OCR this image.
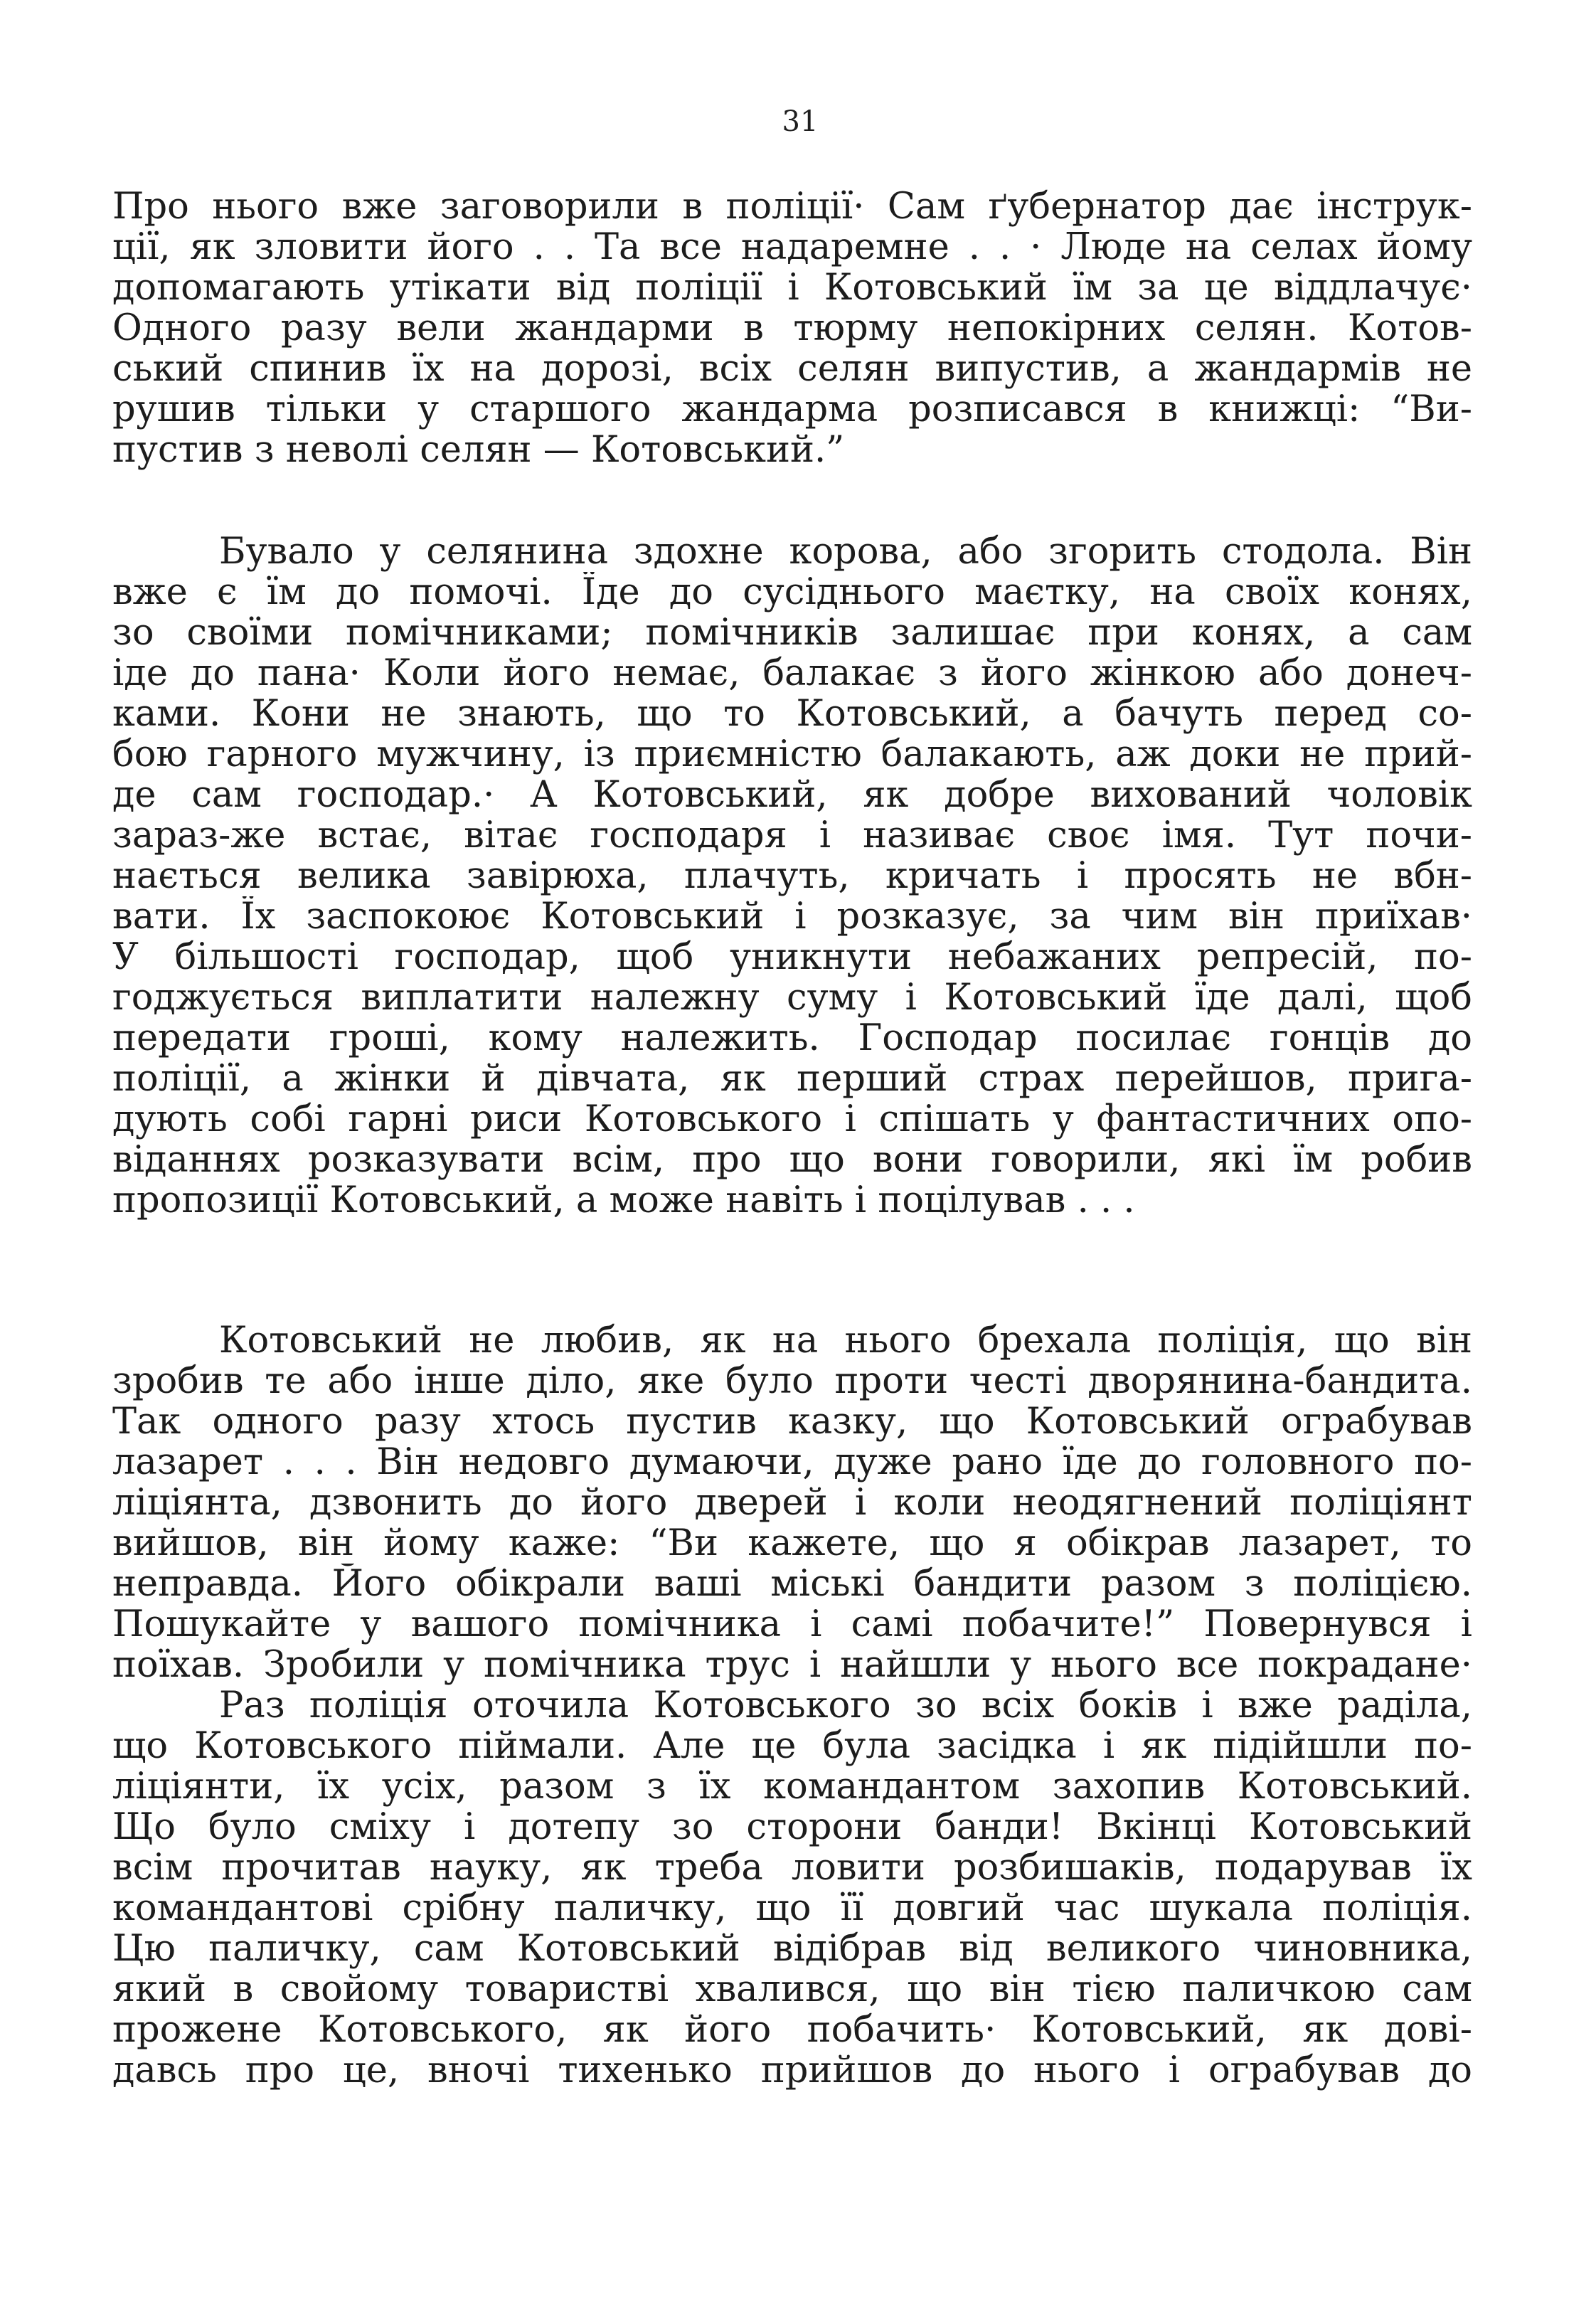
31
Про нього вже заговорили в поліції· Сам ґубернатор дає інструк-
ції, як зловити його . . Та все надаремне . . · Люде на селах йому
допомагають утікати від поліції і Котовський їм за це віддлачує·
Одного разу вели жандарми в тюрму непокірних селян. Котов-
ський спинив їх на дорозі, всіх селян випустив, а жандармів не
рушив тільки у старшого жандарма розписався в книжці: “Ви-
пустив з неволі селян — Котовський.”
Бувало у селянина здохне корова, або згорить стодола. Він
вже є їм до помочі. Їде до сусіднього маєтку, на своїх конях,
зо своїми помічниками; помічників залишає при конях, а сам
іде до пана· Коли його немає, балакає з його жінкою або донеч-
ками. Кони не знають, що то Котовський, а бачуть перед со-
бою гарного мужчину, із приємністю балакають, аж доки не прий-
де сам господар.· А Котовський, як добре вихований чоловік
зараз-же встає, вітає господаря і називає своє імя. Тут почи-
нається велика завірюха, плачуть, кричать і просять не вбн-
вати. Їх заспокоює Котовський і розказує, за чим він приїхав·
У більшості господар, щоб уникнути небажаних репресій, по-
годжується виплатити належну суму і Котовський їде далі, щоб
передати гроші, кому належить. Господар посилає гонців до
поліції, а жінки й дівчата, як перший страх перейшов, прига-
дують собі гарні риси Котовського і спішать у фантастичних опо-
віданнях розказувати всім, про що вони говорили, які їм робив
пропозиції Котовський, а може навіть і поцілував . . .
Котовський не любив, як на нього брехала поліція, що він
зробив те або інше діло, яке було проти честі дворянина-бандита.
Так одного разу хтось пустив казку, що Котовський ограбував
лазарет . . . Він недовго думаючи, дуже рано їде до головного по-
ліціянта, дзвонить до його дверей і коли неодягнений поліціянт
вийшов, він йому каже: “Ви кажете, що я обікрав лазарет, то
неправда. Його обікрали ваші міські бандити разом з поліцією.
Пошукайте у вашого помічника і самі побачите!” Повернувся і
поїхав. Зробили у помічника трус і найшли у нього все покрадане·
Раз поліція оточила Котовського зо всіх боків і вже раділа,
що Котовського піймали. Але це була засідка і як підійшли по-
ліціянти, їх усіх, разом з їх командантом захопив Котовський.
Що було сміху і дотепу зо сторони банди! Вкінці Котовський
всім прочитав науку, як треба ловити розбишаків, подарував їх
командантові срібну паличку, що її довгий час шукала поліція.
Цю паличку, сам Котовський відібрав від великого чиновника,
який в свойому товаристві хвалився, що він тією паличкою сам
прожене Котовського, як його побачить· Котовський, як дові-
давсь про це, вночі тихенько прийшов до нього і ограбував до
